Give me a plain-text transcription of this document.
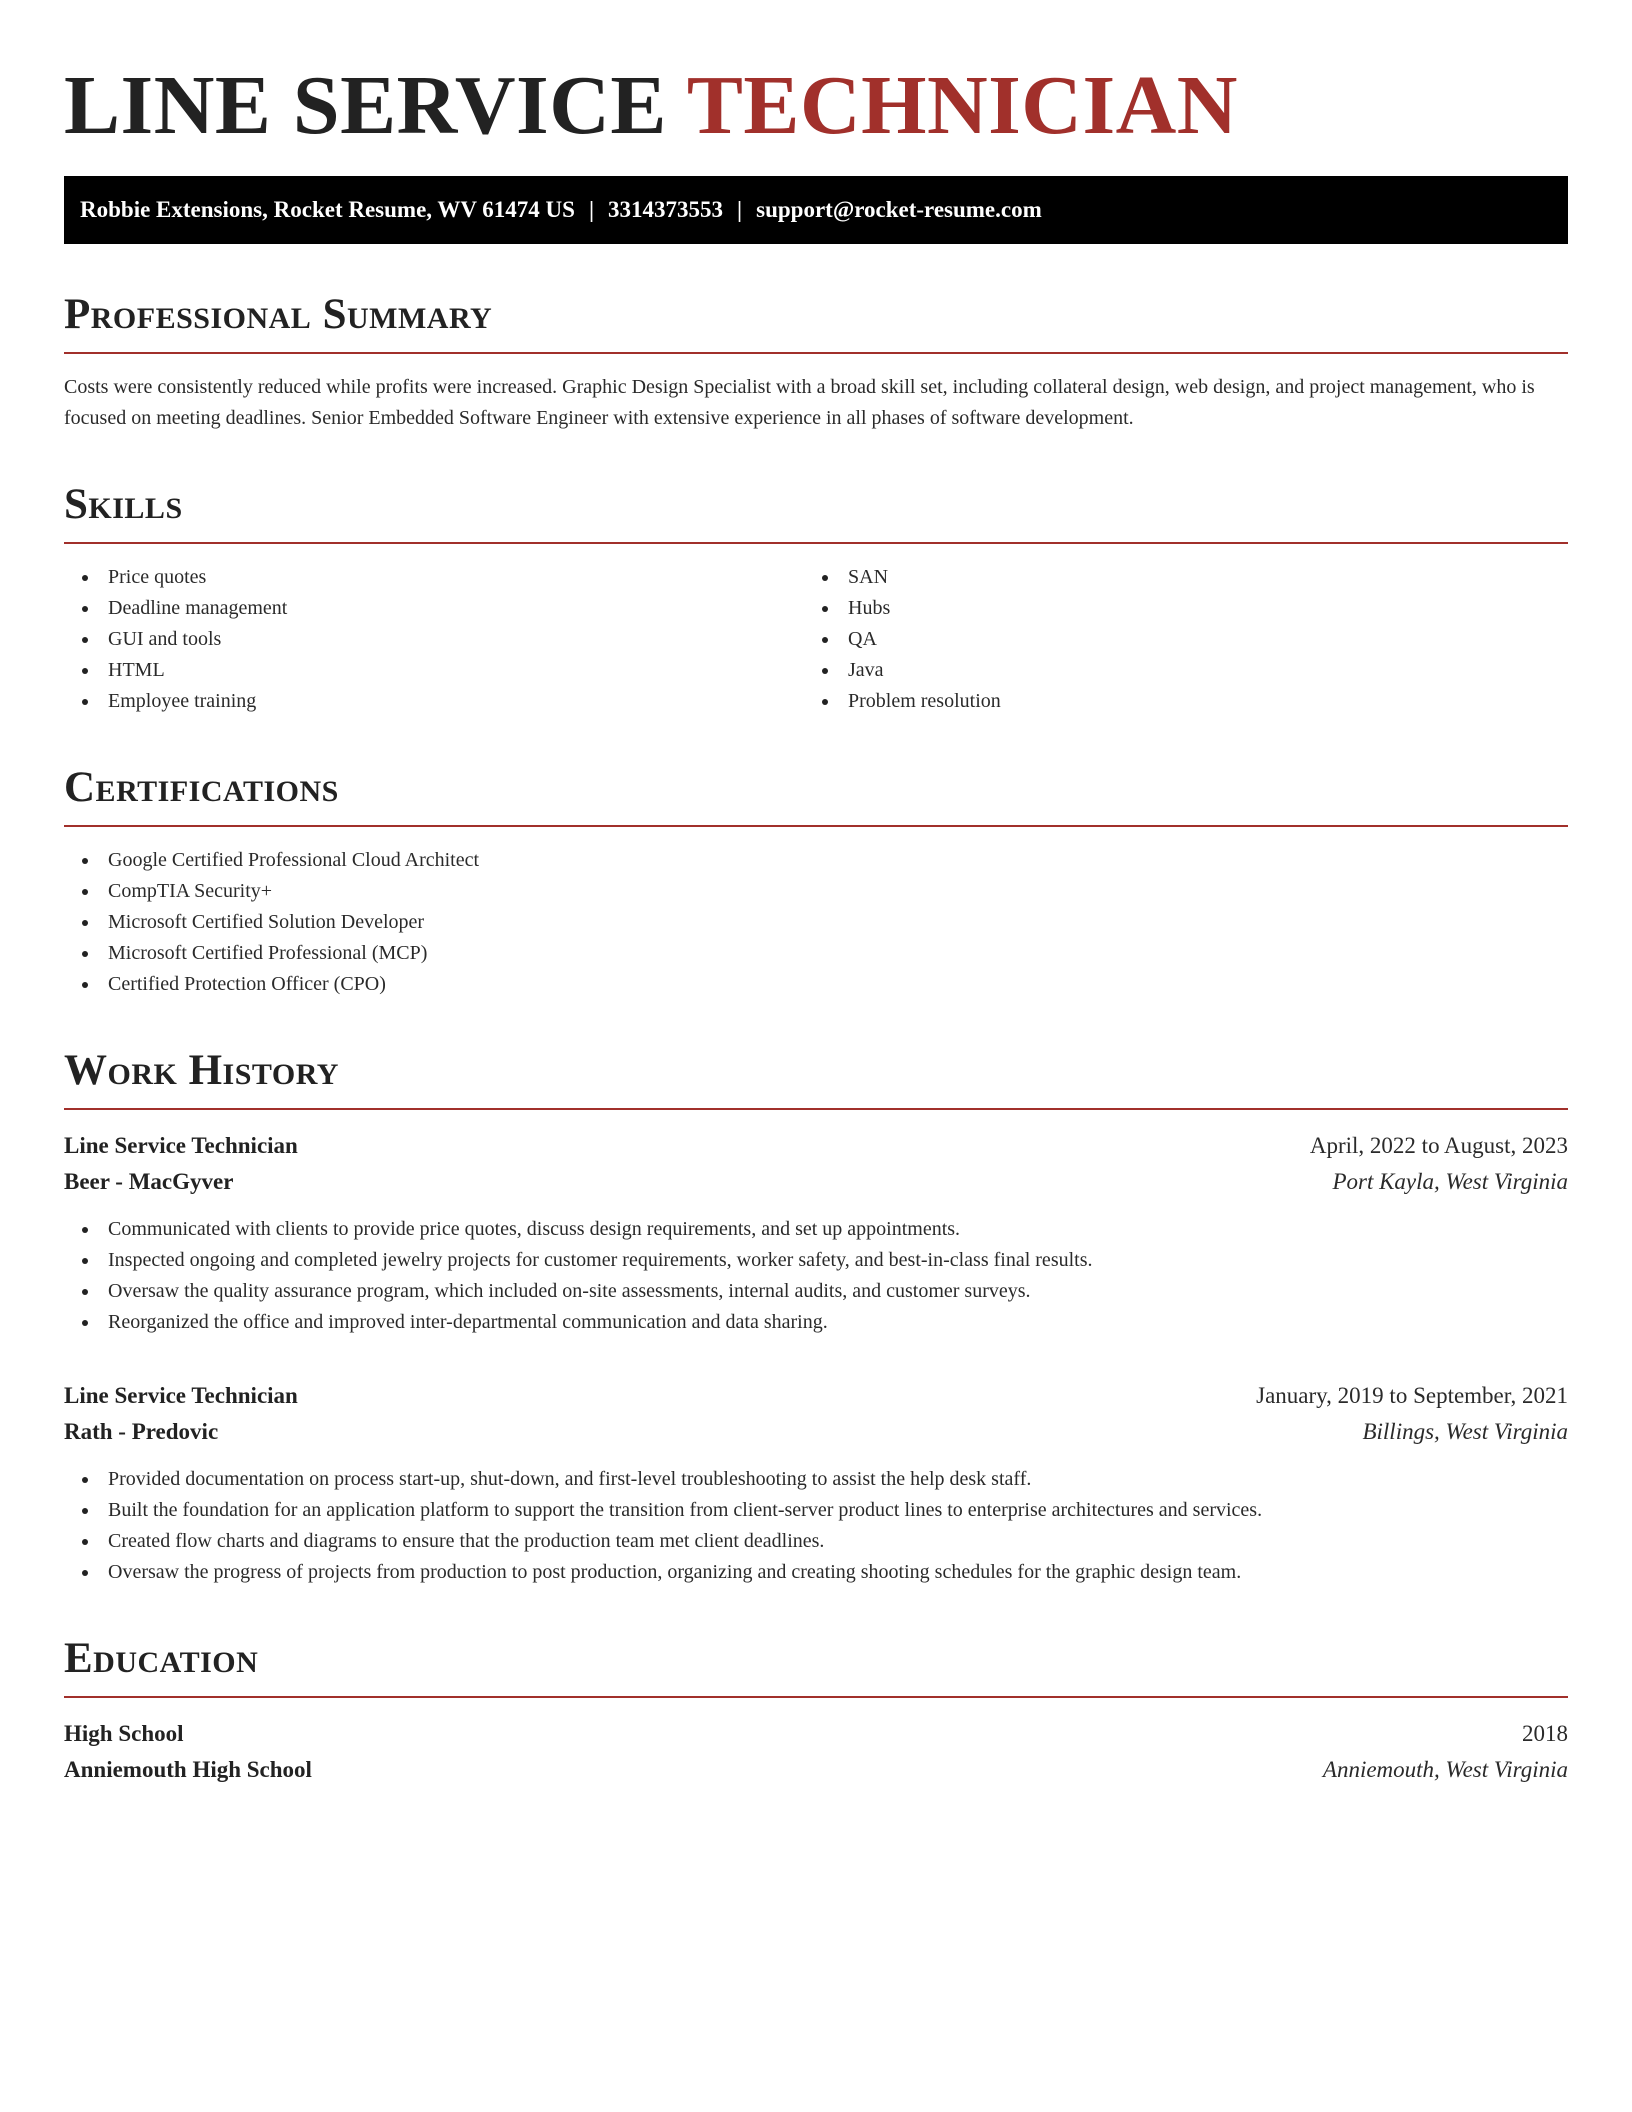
LINE SERVICE TECHNICIAN
Robbie Extensions, Rocket Resume, WV 61474 US | 3314373553 | support@rocket-resume.com
Professional Summary

Costs were consistently reduced while profits were increased. Graphic Design Specialist with a broad skill set, including collateral design, web design, and project management, who is focused on meeting deadlines. Senior Embedded Software Engineer with extensive experience in all phases of software development.

Skills
Price quotes
Deadline management
GUI and tools
HTML
Employee training
SAN
Hubs
QA
Java
Problem resolution
Certifications
Google Certified Professional Cloud Architect
CompTIA Security+
Microsoft Certified Solution Developer
Microsoft Certified Professional (MCP)
Certified Protection Officer (CPO)
Work History
Line Service Technician	April, 2022 to August, 2023
Beer - MacGyver	Port Kayla, West Virginia
Communicated with clients to provide price quotes, discuss design requirements, and set up appointments.
Inspected ongoing and completed jewelry projects for customer requirements, worker safety, and best-in-class final results.
Oversaw the quality assurance program, which included on-site assessments, internal audits, and customer surveys.
Reorganized the office and improved inter-departmental communication and data sharing.
Line Service Technician	January, 2019 to September, 2021
Rath - Predovic	Billings, West Virginia
Provided documentation on process start-up, shut-down, and first-level troubleshooting to assist the help desk staff.
Built the foundation for an application platform to support the transition from client-server product lines to enterprise architectures and services.
Created flow charts and diagrams to ensure that the production team met client deadlines.
Oversaw the progress of projects from production to post production, organizing and creating shooting schedules for the graphic design team.
Education
High School	2018
Anniemouth High School	Anniemouth, West Virginia
